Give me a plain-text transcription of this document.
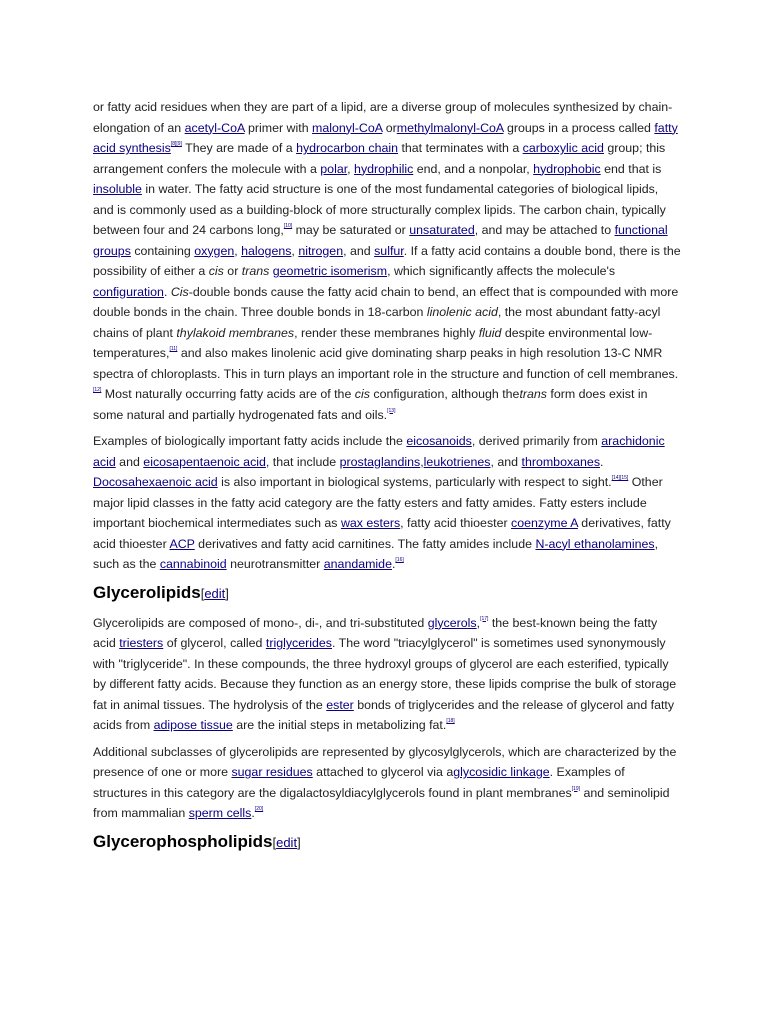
or fatty acid residues when they are part of a lipid, are a diverse group of molecules synthesized by chain-elongation of an acetyl-CoA primer with malonyl-CoA ormethylmalonyl-CoA groups in a process called fatty acid synthesis[8][9] They are made of a hydrocarbon chain that terminates with a carboxylic acid group; this arrangement confers the molecule with a polar, hydrophilic end, and a nonpolar, hydrophobic end that is insoluble in water. The fatty acid structure is one of the most fundamental categories of biological lipids, and is commonly used as a building-block of more structurally complex lipids. The carbon chain, typically between four and 24 carbons long,[10] may be saturated or unsaturated, and may be attached to functional groups containing oxygen, halogens, nitrogen, and sulfur. If a fatty acid contains a double bond, there is the possibility of either a cis or trans geometric isomerism, which significantly affects the molecule's configuration. Cis-double bonds cause the fatty acid chain to bend, an effect that is compounded with more double bonds in the chain. Three double bonds in 18-carbon linolenic acid, the most abundant fatty-acyl chains of plant thylakoid membranes, render these membranes highly fluid despite environmental low-temperatures,[11] and also makes linolenic acid give dominating sharp peaks in high resolution 13-C NMR spectra of chloroplasts. This in turn plays an important role in the structure and function of cell membranes.[12] Most naturally occurring fatty acids are of the cis configuration, although thetrans form does exist in some natural and partially hydrogenated fats and oils.[13]

Examples of biologically important fatty acids include the eicosanoids, derived primarily from arachidonic acid and eicosapentaenoic acid, that include prostaglandins,leukotrienes, and thromboxanes. Docosahexaenoic acid is also important in biological systems, particularly with respect to sight.[14][15] Other major lipid classes in the fatty acid category are the fatty esters and fatty amides. Fatty esters include important biochemical intermediates such as wax esters, fatty acid thioester coenzyme A derivatives, fatty acid thioester ACP derivatives and fatty acid carnitines. The fatty amides include N-acyl ethanolamines, such as the cannabinoid neurotransmitter anandamide.[16]

Glycerolipids[edit]

Glycerolipids are composed of mono-, di-, and tri-substituted glycerols,[17] the best-known being the fatty acid triesters of glycerol, called triglycerides. The word "triacylglycerol" is sometimes used synonymously with "triglyceride". In these compounds, the three hydroxyl groups of glycerol are each esterified, typically by different fatty acids. Because they function as an energy store, these lipids comprise the bulk of storage fat in animal tissues. The hydrolysis of the ester bonds of triglycerides and the release of glycerol and fatty acids from adipose tissue are the initial steps in metabolizing fat.[18]

Additional subclasses of glycerolipids are represented by glycosylglycerols, which are characterized by the presence of one or more sugar residues attached to glycerol via aglycosidic linkage. Examples of structures in this category are the digalactosyldiacylglycerols found in plant membranes[19] and seminolipid from mammalian sperm cells.[20]

Glycerophospholipids[edit]
